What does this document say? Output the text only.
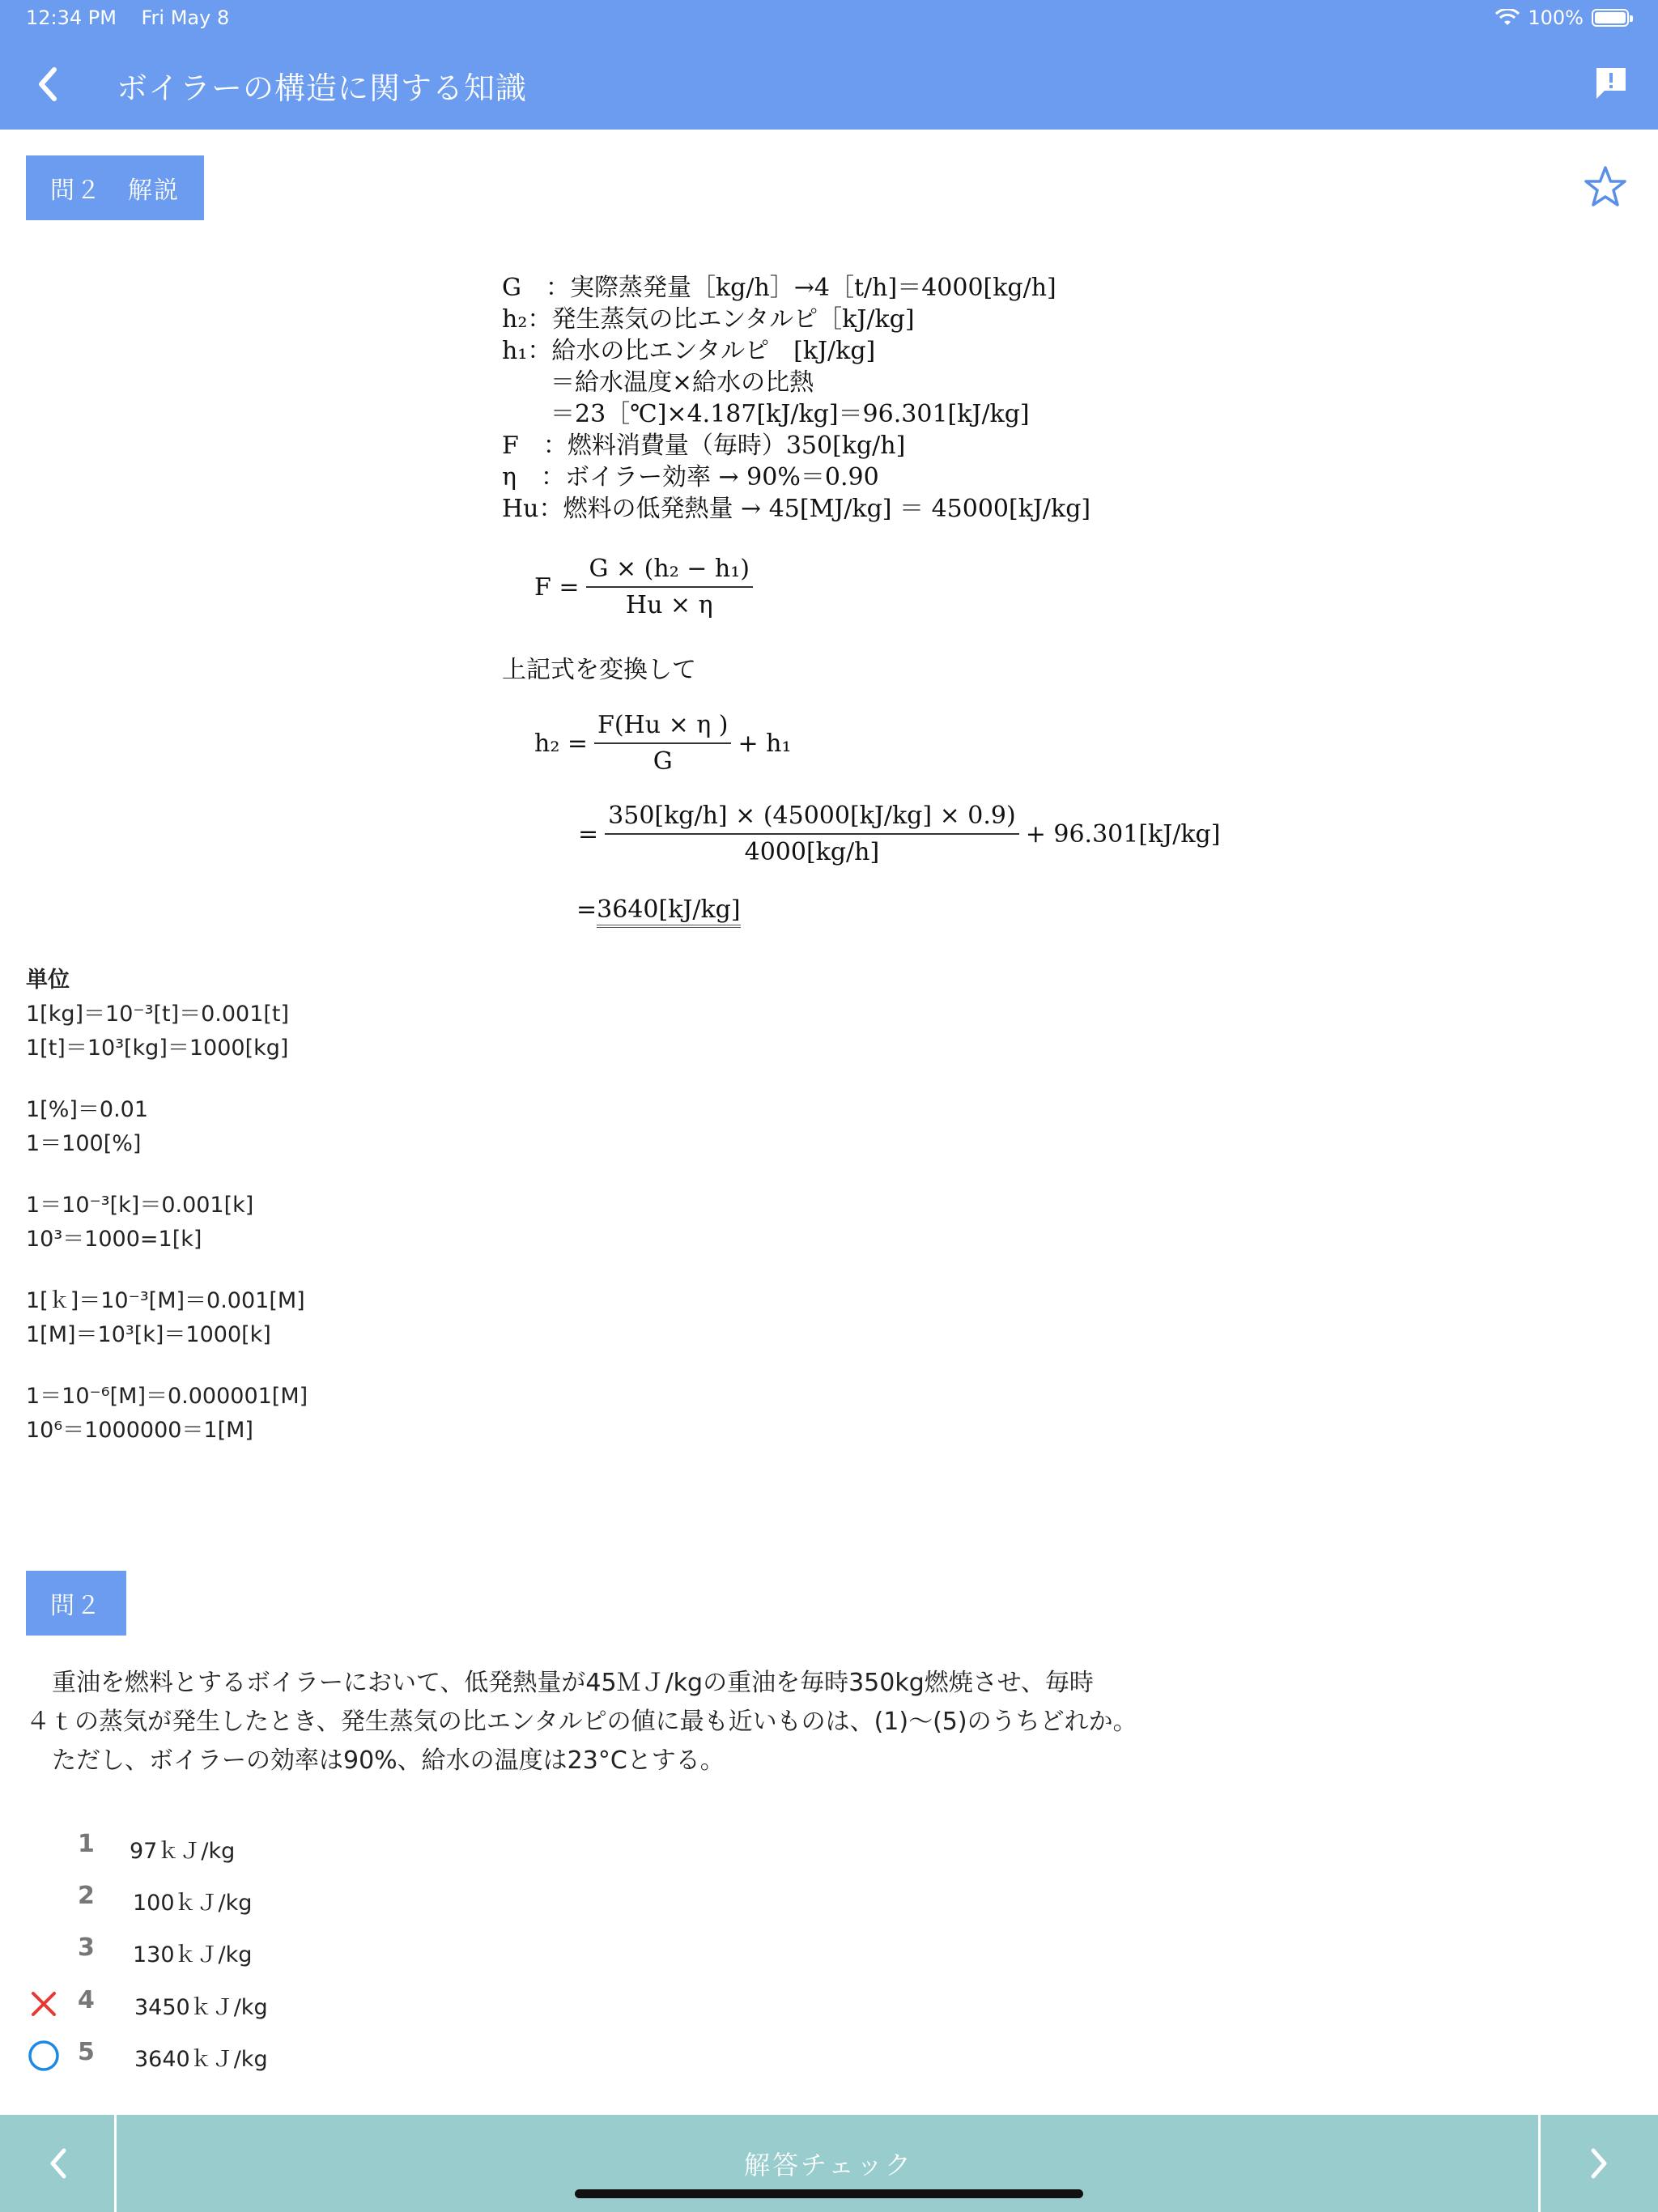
12:34 PM Fri May 8	100%
ボイラーの構造に関する知識
問２　解説
G　：実際蒸発量［kg/h］→4［t/h]＝4000[kg/h]
h₂：発生蒸気の比エンタルピ［kJ/kg]
h₁：給水の比エンタルピ　[kJ/kg]
　　＝給水温度×給水の比熱
　　＝23［℃]×4.187[kJ/kg]＝96.301[kJ/kg]
F　：燃料消費量（毎時）350[kg/h]
η　：ボイラー効率 → 90%＝0.90
Hu：燃料の低発熱量 → 45[MJ/kg] ＝ 45000[kJ/kg]
$F = \frac{\text{G × (h₂ − h₁)}}{Hu \times \eta}$
上記式を変換して
$h_2 = \frac{F(Hu \times \eta )}{G} + h_1$
= $\frac{350[kg/h] \times (45000[kJ/kg] \times 0.9)}{4000[kg/h]} + 96.301[kJ/kg]$
=3640[kJ/kg]
単位
1[kg]＝10⁻³[t]＝0.001[t]
1[t]＝10³[kg]＝1000[kg]
1[%]＝0.01
1＝100[%]
1＝10⁻³[k]＝0.001[k]
10³＝1000=1[k]
1[ｋ]＝10⁻³[M]＝0.001[M]
1[M]＝10³[k]＝1000[k]
1＝10⁻⁶[M]＝0.000001[M]
10⁶＝1000000＝1[M]
問２
重油を燃料とするボイラーにおいて、低発熱量が45ＭＪ/kgの重油を毎時350kg燃焼させ、毎時
４ｔの蒸気が発生したとき、発生蒸気の比エンタルピの値に最も近いものは、(1)～(5)のうちどれか。
ただし、ボイラーの効率は90%、給水の温度は23°Cとする。
1 97ｋＪ/kg
2 100ｋＪ/kg
3 130ｋＪ/kg
4 3450ｋＪ/kg
5 3640ｋＪ/kg
解答チェック
